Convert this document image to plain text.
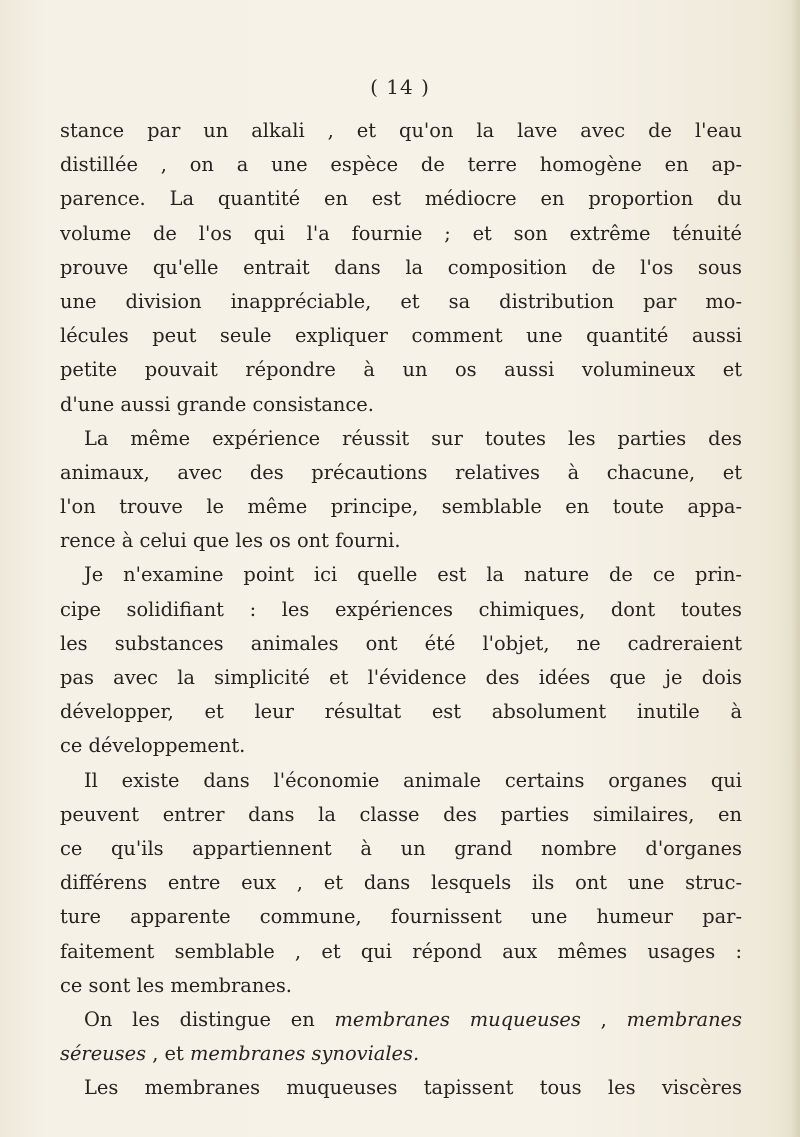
( 14 )
stance par un alkali , et qu'on la lave avec de l'eau
distillée , on a une espèce de terre homogène en ap-
parence. La quantité en est médiocre en proportion du
volume de l'os qui l'a fournie ; et son extrême ténuité
prouve qu'elle entrait dans la composition de l'os sous
une division inappréciable, et sa distribution par mo-
lécules peut seule expliquer comment une quantité aussi
petite pouvait répondre à un os aussi volumineux et
d'une aussi grande consistance.
La même expérience réussit sur toutes les parties des
animaux, avec des précautions relatives à chacune, et
l'on trouve le même principe, semblable en toute appa-
rence à celui que les os ont fourni.
Je n'examine point ici quelle est la nature de ce prin-
cipe solidifiant : les expériences chimiques, dont toutes
les substances animales ont été l'objet, ne cadreraient
pas avec la simplicité et l'évidence des idées que je dois
développer, et leur résultat est absolument inutile à
ce développement.
Il existe dans l'économie animale certains organes qui
peuvent entrer dans la classe des parties similaires, en
ce qu'ils appartiennent à un grand nombre d'organes
différens entre eux , et dans lesquels ils ont une struc-
ture apparente commune, fournissent une humeur par-
faitement semblable , et qui répond aux mêmes usages :
ce sont les membranes.
On les distingue en membranes muqueuses , membranes
séreuses , et membranes synoviales.
Les membranes muqueuses tapissent tous les viscères
